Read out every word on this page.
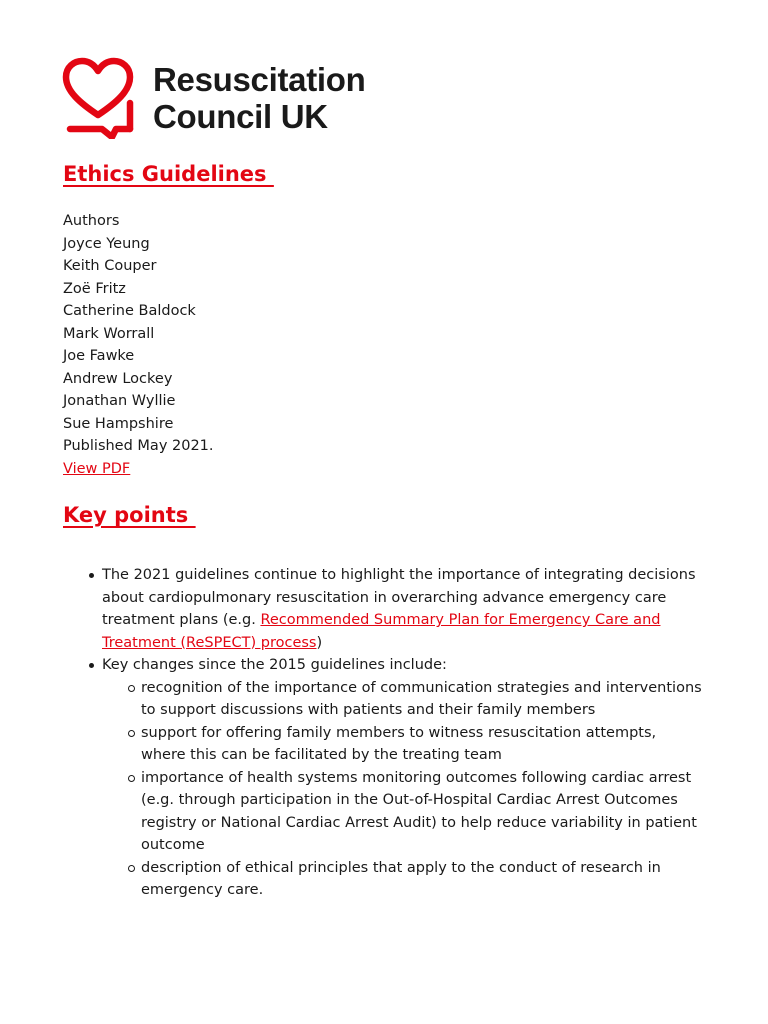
Resuscitation
Council UK
Ethics Guidelines
Authors
Joyce Yeung
Keith Couper
Zoë Fritz
Catherine Baldock
Mark Worrall
Joe Fawke
Andrew Lockey
Jonathan Wyllie
Sue Hampshire
Published May 2021.
View PDF
Key points
The 2021 guidelines continue to highlight the importance of integrating decisions about cardiopulmonary resuscitation in overarching advance emergency care treatment plans (e.g. Recommended Summary Plan for Emergency Care and Treatment (ReSPECT) process)
Key changes since the 2015 guidelines include:
recognition of the importance of communication strategies and interventions to support discussions with patients and their family members
support for offering family members to witness resuscitation attempts, where this can be facilitated by the treating team
importance of health systems monitoring outcomes following cardiac arrest (e.g. through participation in the Out-of-Hospital Cardiac Arrest Outcomes registry or National Cardiac Arrest Audit) to help reduce variability in patient outcome
description of ethical principles that apply to the conduct of research in emergency care.
